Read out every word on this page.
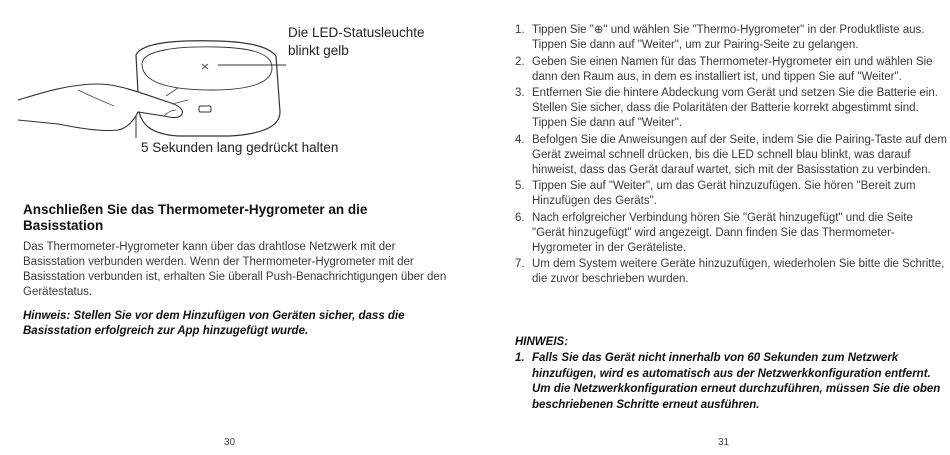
Die LED-Statusleuchte blinkt gelb
5 Sekunden lang gedrückt halten
Anschließen Sie das Thermometer-Hygrometer an die Basisstation
Das Thermometer-Hygrometer kann über das drahtlose Netzwerk mit der Basisstation verbunden werden. Wenn der Thermometer-Hygrometer mit der Basisstation verbunden ist, erhalten Sie überall Push-Benachrichtigungen über den Gerätestatus.
Hinweis: Stellen Sie vor dem Hinzufügen von Geräten sicher, dass die Basisstation erfolgreich zur App hinzugefügt wurde.
30
1. Tippen Sie "⊕" und wählen Sie "Thermo-Hygrometer" in der Produktliste aus. Tippen Sie dann auf "Weiter", um zur Pairing-Seite zu gelangen.
2. Geben Sie einen Namen für das Thermometer-Hygrometer ein und wählen Sie dann den Raum aus, in dem es installiert ist, und tippen Sie auf "Weiter".
3. Entfernen Sie die hintere Abdeckung vom Gerät und setzen Sie die Batterie ein. Stellen Sie sicher, dass die Polaritäten der Batterie korrekt abgestimmt sind. Tippen Sie dann auf "Weiter".
4. Befolgen Sie die Anweisungen auf der Seite, indem Sie die Pairing-Taste auf dem Gerät zweimal schnell drücken, bis die LED schnell blau blinkt, was darauf hinweist, dass das Gerät darauf wartet, sich mit der Basisstation zu verbinden.
5. Tippen Sie auf "Weiter", um das Gerät hinzuzufügen. Sie hören "Bereit zum Hinzufügen des Geräts".
6. Nach erfolgreicher Verbindung hören Sie "Gerät hinzugefügt" und die Seite "Gerät hinzugefügt" wird angezeigt. Dann finden Sie das Thermometer-Hygrometer in der Geräteliste.
7. Um dem System weitere Geräte hinzuzufügen, wiederholen Sie bitte die Schritte, die zuvor beschrieben wurden.
HINWEIS:
1. Falls Sie das Gerät nicht innerhalb von 60 Sekunden zum Netzwerk hinzufügen, wird es automatisch aus der Netzwerkkonfiguration entfernt. Um die Netzwerkkonfiguration erneut durchzuführen, müssen Sie die oben beschriebenen Schritte erneut ausführen.
31
